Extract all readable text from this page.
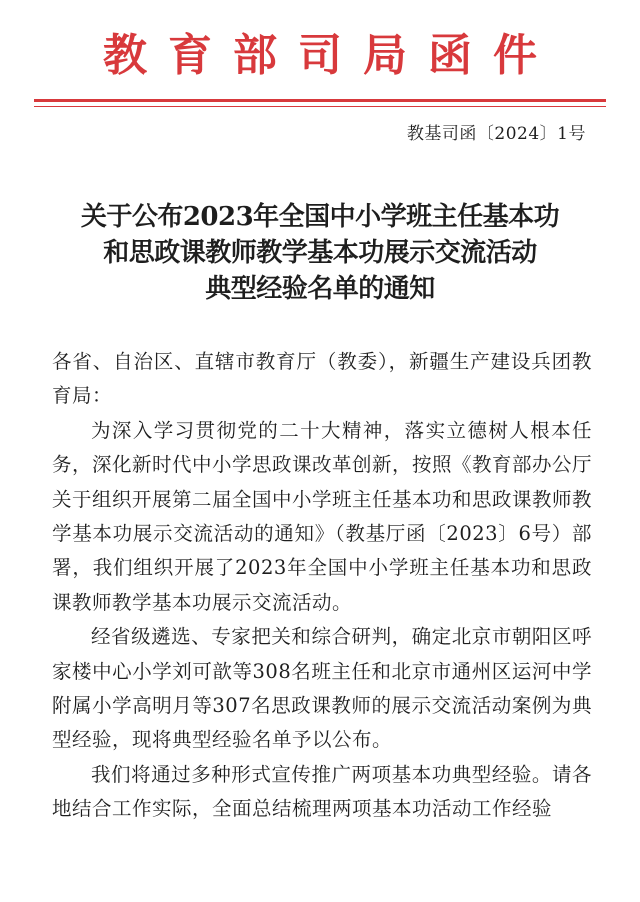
教育部司局函件
教基司函〔2024〕1号
关于公布2023年全国中小学班主任基本功
和思政课教师教学基本功展示交流活动
典型经验名单的通知

各省、自治区、直辖市教育厅（教委），新疆生产建设兵团教育局：

为深入学习贯彻党的二十大精神，落实立德树人根本任务，深化新时代中小学思政课改革创新，按照《教育部办公厅关于组织开展第二届全国中小学班主任基本功和思政课教师教学基本功展示交流活动的通知》（教基厅函〔2023〕6号）部署，我们组织开展了2023年全国中小学班主任基本功和思政课教师教学基本功展示交流活动。

经省级遴选、专家把关和综合研判，确定北京市朝阳区呼家楼中心小学刘可歆等308名班主任和北京市通州区运河中学附属小学高明月等307名思政课教师的展示交流活动案例为典型经验，现将典型经验名单予以公布。

我们将通过多种形式宣传推广两项基本功典型经验。请各地结合工作实际，全面总结梳理两项基本功活动工作经验
